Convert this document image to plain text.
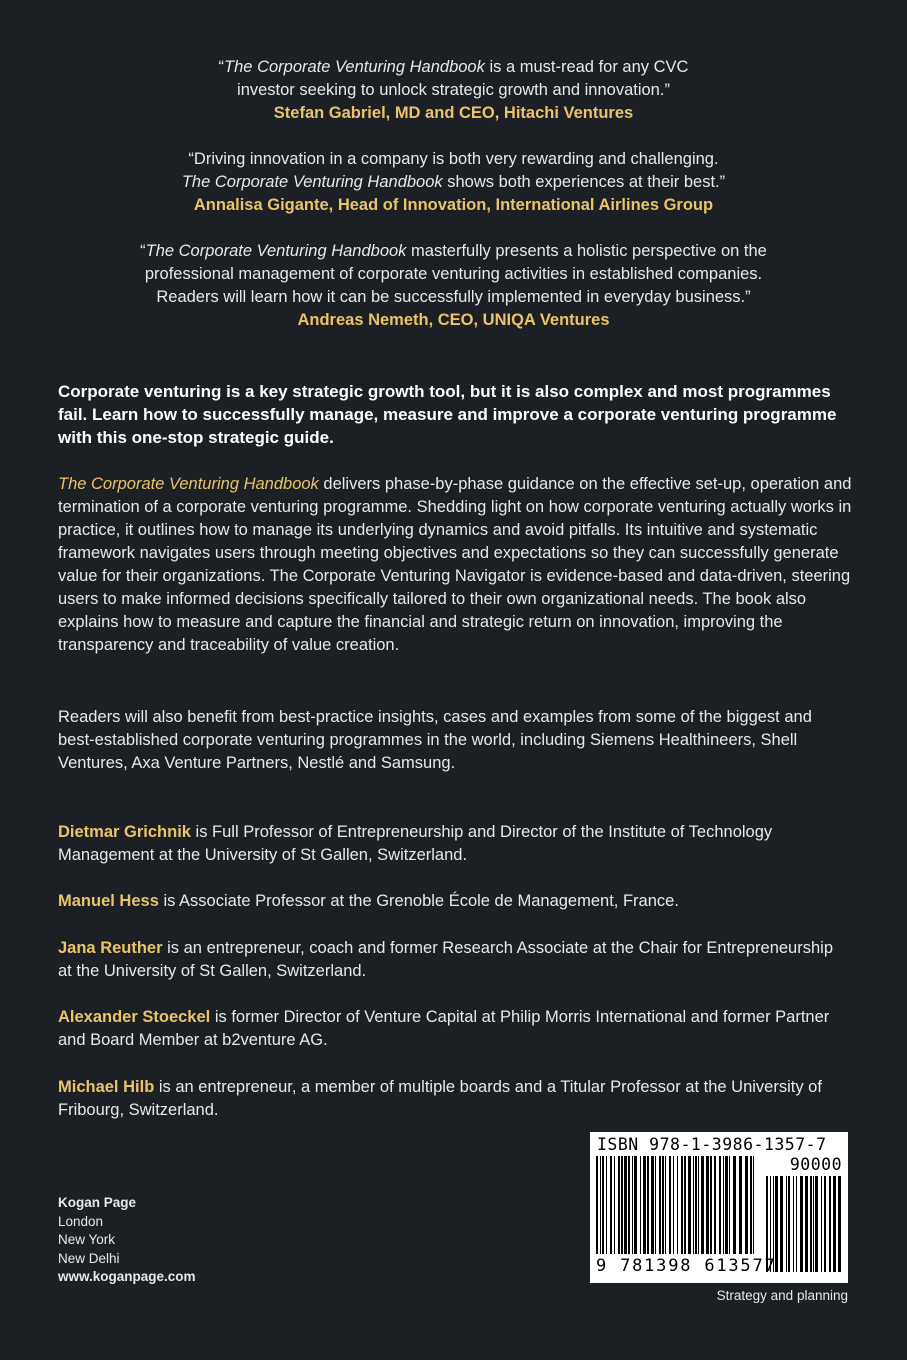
“The Corporate Venturing Handbook is a must-read for any CVC
investor seeking to unlock strategic growth and innovation.”
Stefan Gabriel, MD and CEO, Hitachi Ventures
“Driving innovation in a company is both very rewarding and challenging.
The Corporate Venturing Handbook shows both experiences at their best.”
Annalisa Gigante, Head of Innovation, International Airlines Group
“The Corporate Venturing Handbook masterfully presents a holistic perspective on the
professional management of corporate venturing activities in established companies.
Readers will learn how it can be successfully implemented in everyday business.”
Andreas Nemeth, CEO, UNIQA Ventures
Corporate venturing is a key strategic growth tool, but it is also complex and most programmes fail. Learn how to successfully manage, measure and improve a corporate venturing programme with this one-stop strategic guide.
The Corporate Venturing Handbook delivers phase-by-phase guidance on the effective set-up, operation and termination of a corporate venturing programme. Shedding light on how corporate venturing actually works in practice, it outlines how to manage its underlying dynamics and avoid pitfalls. Its intuitive and systematic framework navigates users through meeting objectives and expectations so they can successfully generate value for their organizations. The Corporate Venturing Navigator is evidence-based and data-driven, steering users to make informed decisions specifically tailored to their own organizational needs. The book also explains how to measure and capture the financial and strategic return on innovation, improving the transparency and traceability of value creation.
Readers will also benefit from best-practice insights, cases and examples from some of the biggest and best-established corporate venturing programmes in the world, including Siemens Healthineers, Shell Ventures, Axa Venture Partners, Nestlé and Samsung.
Dietmar Grichnik is Full Professor of Entrepreneurship and Director of the Institute of Technology Management at the University of St Gallen, Switzerland.
Manuel Hess is Associate Professor at the Grenoble École de Management, France.
Jana Reuther is an entrepreneur, coach and former Research Associate at the Chair for Entrepreneurship at the University of St Gallen, Switzerland.
Alexander Stoeckel is former Director of Venture Capital at Philip Morris International and former Partner and Board Member at b2venture AG.
Michael Hilb is an entrepreneur, a member of multiple boards and a Titular Professor at the University of Fribourg, Switzerland.
Kogan Page
London
New York
New Delhi
www.koganpage.com
ISBN 978-1-3986-1357-7
90000
9 781398 613577
Strategy and planning
